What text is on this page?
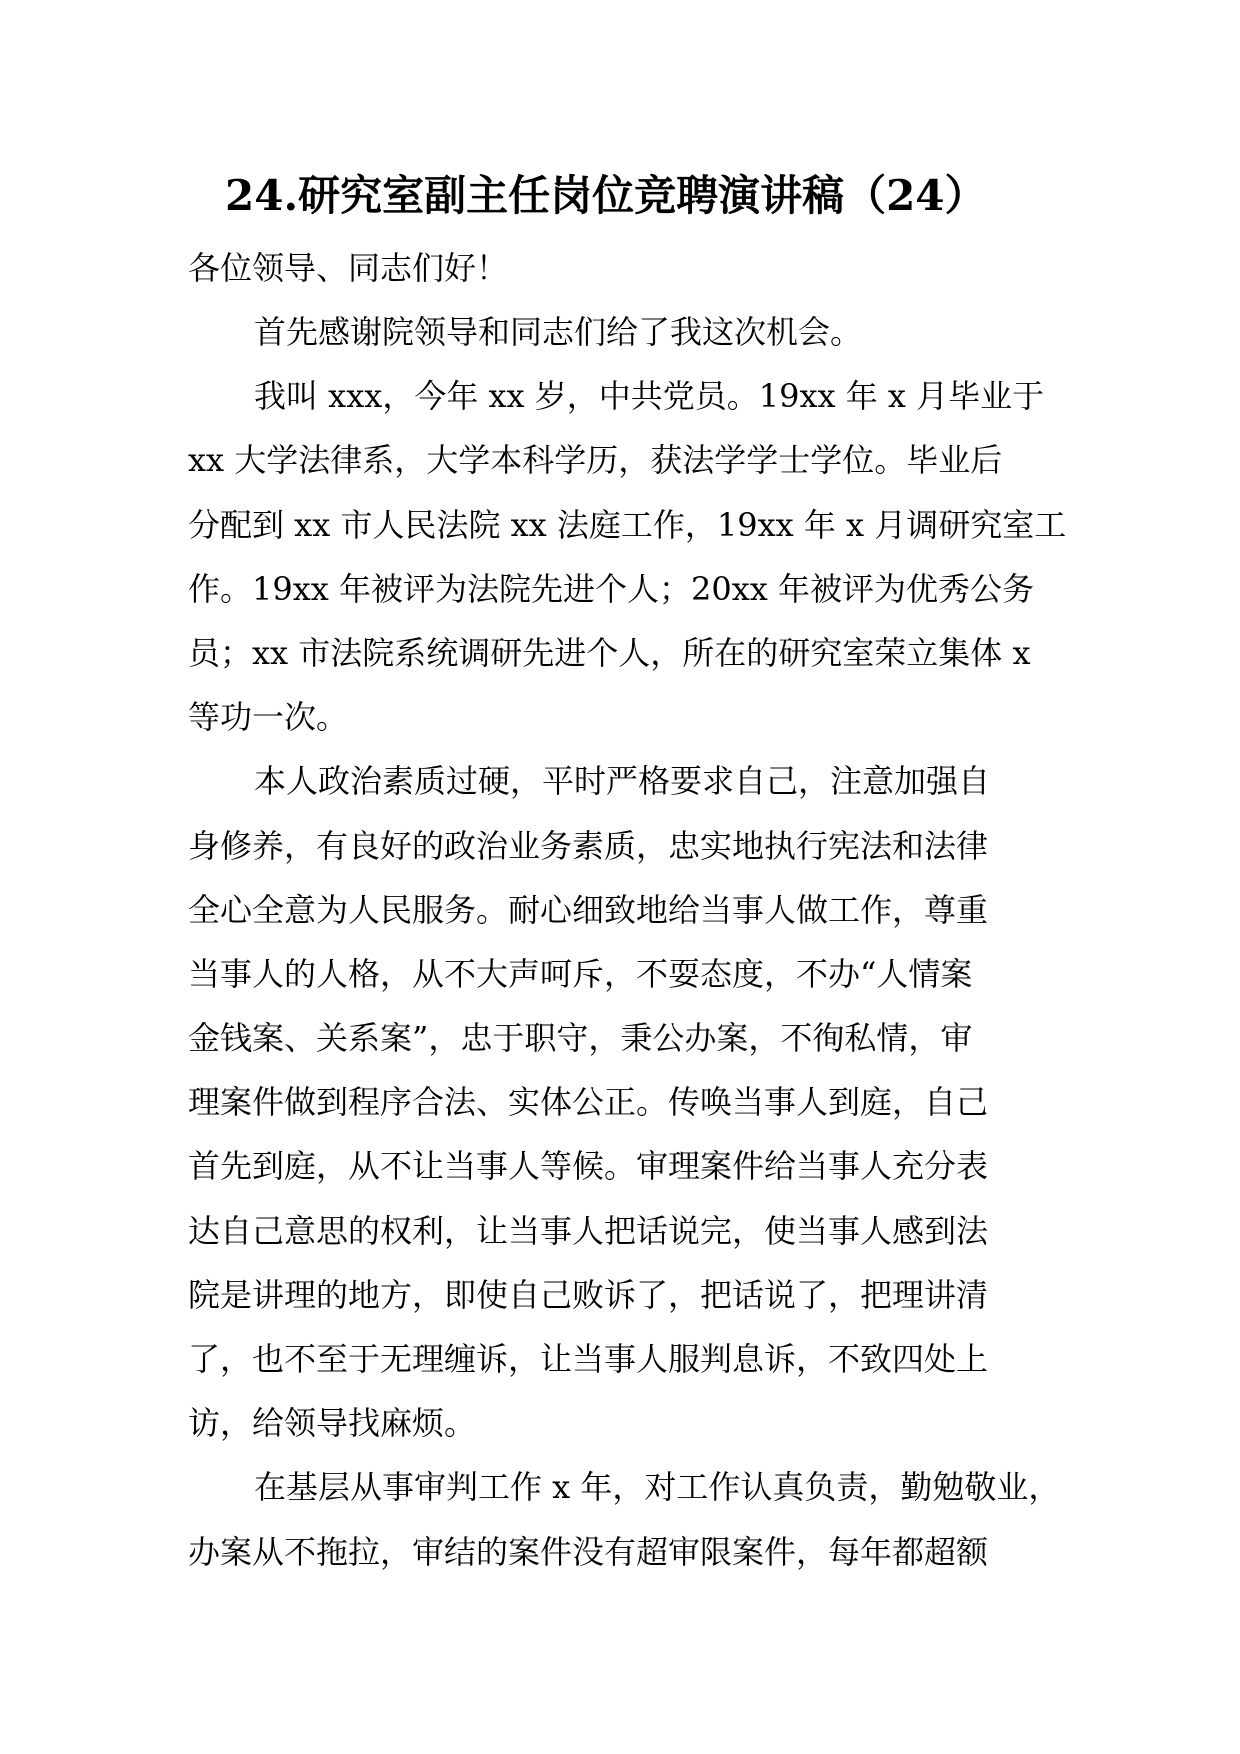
24.研究室副主任岗位竞聘演讲稿（24）

各位领导、同志们好！

首先感谢院领导和同志们给了我这次机会。
我叫 xxx，今年 xx 岁，中共党员。19xx 年 x 月毕业于
xx 大学法律系，大学本科学历，获法学学士学位。毕业后
分配到 xx 市人民法院 xx 法庭工作，19xx 年 x 月调研究室工
作。19xx 年被评为法院先进个人；20xx 年被评为优秀公务
员；xx 市法院系统调研先进个人，所在的研究室荣立集体 x
等功一次。
本人政治素质过硬，平时严格要求自己，注意加强自
身修养，有良好的政治业务素质，忠实地执行宪法和法律
全心全意为人民服务。耐心细致地给当事人做工作，尊重
当事人的人格，从不大声呵斥，不耍态度，不办“人情案
金钱案、关系案”，忠于职守，秉公办案，不徇私情，审
理案件做到程序合法、实体公正。传唤当事人到庭，自己
首先到庭，从不让当事人等候。审理案件给当事人充分表
达自己意思的权利，让当事人把话说完，使当事人感到法
院是讲理的地方，即使自己败诉了，把话说了，把理讲清
了，也不至于无理缠诉，让当事人服判息诉，不致四处上
访，给领导找麻烦。
在基层从事审判工作 x 年，对工作认真负责，勤勉敬业，
办案从不拖拉，审结的案件没有超审限案件，每年都超额
